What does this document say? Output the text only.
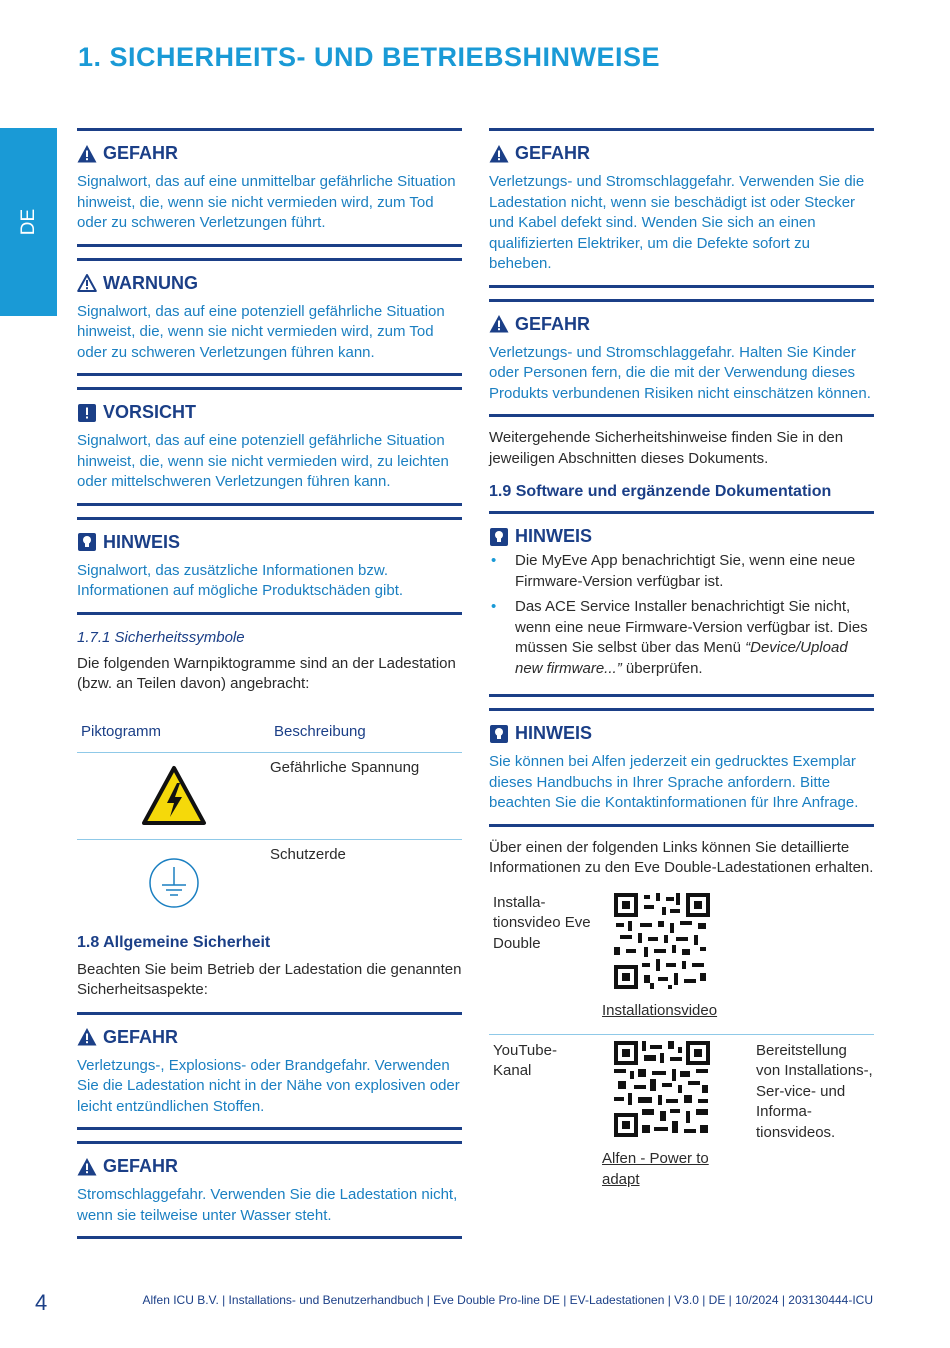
1. SICHERHEITS- UND BETRIEBSHINWEISE
DE
GEFAHR
Signalwort, das auf eine unmittelbar gefährliche Situation hinweist, die, wenn sie nicht vermieden wird, zum Tod oder zu schweren Verletzungen führt.
WARNUNG
Signalwort, das auf eine potenziell gefährliche Situation hinweist, die, wenn sie nicht vermieden wird, zum Tod oder zu schweren Verletzungen führen kann.
VORSICHT
Signalwort, das auf eine potenziell gefährliche Situation hinweist, die, wenn sie nicht vermieden wird, zu leichten oder mittelschweren Verletzungen führen kann.
HINWEIS
Signalwort, das zusätzliche Informationen bzw. Informationen auf mögliche Produktschäden gibt.
1.7.1 Sicherheitssymbole
Die folgenden Warnpiktogramme sind an der Ladestation (bzw. an Teilen davon) angebracht:
Piktogramm	Beschreibung
Gefährliche Spannung
Schutzerde
1.8 Allgemeine Sicherheit
Beachten Sie beim Betrieb der Ladestation die genannten Sicherheitsaspekte:
GEFAHR
Verletzungs-, Explosions- oder Brandgefahr. Verwenden Sie die Ladestation nicht in der Nähe von explosiven oder leicht entzündlichen Stoffen.
GEFAHR
Stromschlaggefahr. Verwenden Sie die Ladestation nicht, wenn sie teilweise unter Wasser steht.
GEFAHR
Verletzungs- und Stromschlaggefahr. Verwenden Sie die Ladestation nicht, wenn sie beschädigt ist oder Stecker und Kabel defekt sind. Wenden Sie sich an einen qualifizierten Elektriker, um die Defekte sofort zu beheben.
GEFAHR
Verletzungs- und Stromschlaggefahr. Halten Sie Kinder oder Personen fern, die die mit der Verwendung dieses Produkts verbundenen Risiken nicht einschätzen können.
Weitergehende Sicherheitshinweise finden Sie in den jeweiligen Abschnitten dieses Dokuments.
1.9 Software und ergänzende Dokumentation
HINWEIS
• Die MyEve App benachrichtigt Sie, wenn eine neue Firmware-Version verfügbar ist.
• Das ACE Service Installer benachrichtigt Sie nicht, wenn eine neue Firmware-Version verfügbar ist. Dies müssen Sie selbst über das Menü “Device/Upload new firmware...” überprüfen.
HINWEIS
Sie können bei Alfen jederzeit ein gedrucktes Exemplar dieses Handbuchs in Ihrer Sprache anfordern. Bitte beachten Sie die Kontaktinformationen für Ihre Anfrage.
Über einen der folgenden Links können Sie detaillierte Informationen zu den Eve Double-Ladestationen erhalten.
Installa-tionsvideo Eve Double
Installationsvideo
YouTube-Kanal
Alfen - Power to adapt
Bereitstellung von Installations-, Ser-vice- und Informa-tionsvideos.
4	Alfen ICU B.V. | Installations- und Benutzerhandbuch | Eve Double Pro-line DE | EV-Ladestationen | V3.0 | DE | 10/2024 | 203130444-ICU
